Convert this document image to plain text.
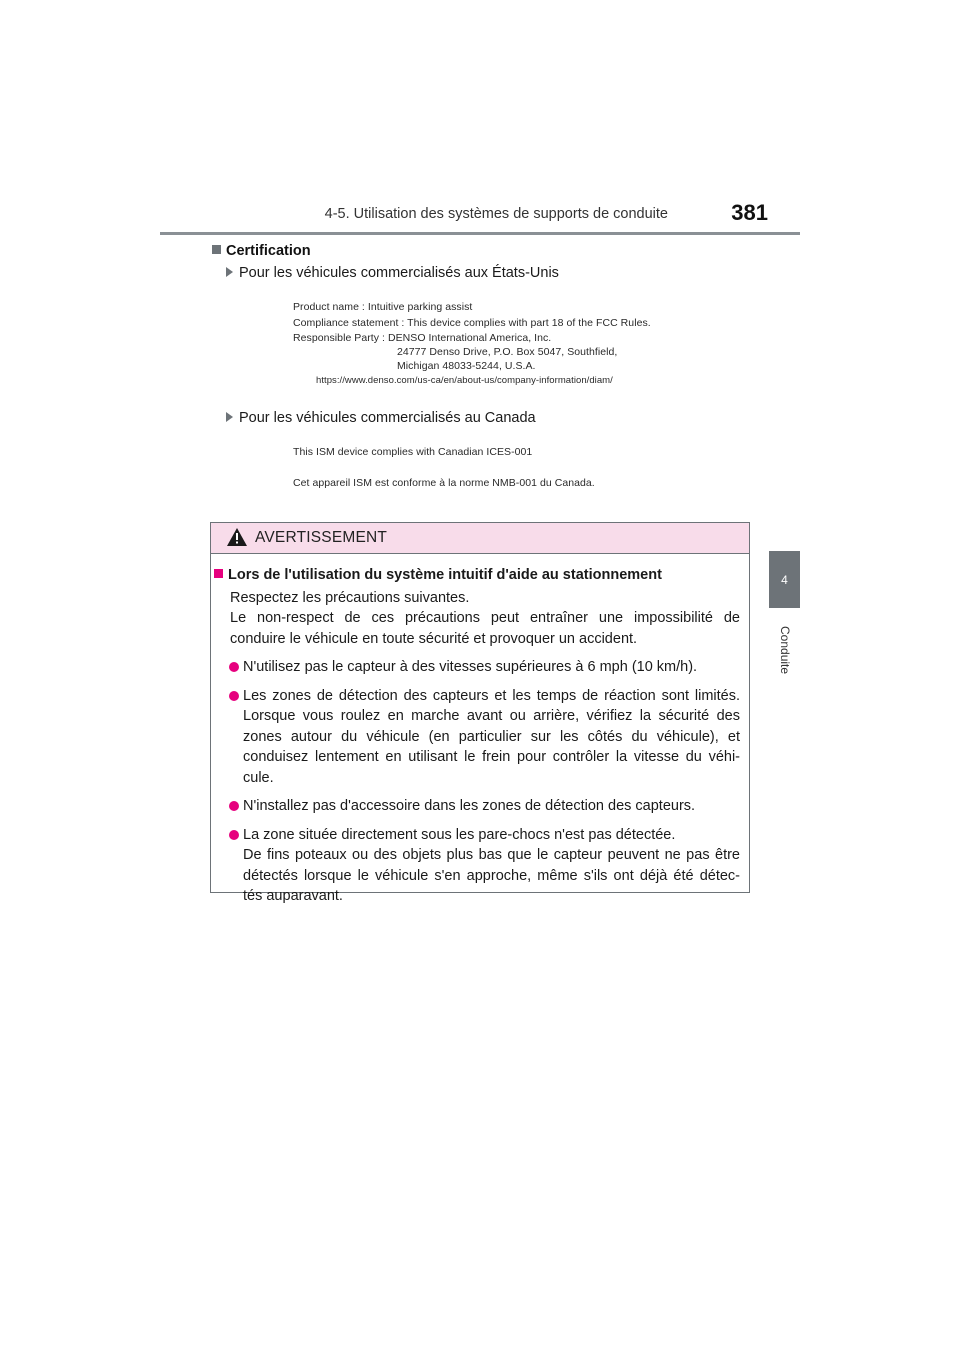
4-5. Utilisation des systèmes de supports de conduite	381
4
Conduite
Certification
Pour les véhicules commercialisés aux États-Unis
Product name : Intuitive parking assist
Compliance statement : This device complies with part 18 of the FCC Rules.
Responsible Party : DENSO International America, Inc.
24777 Denso Drive, P.O. Box 5047, Southfield,
Michigan 48033-5244, U.S.A.
https://www.denso.com/us-ca/en/about-us/company-information/diam/
Pour les véhicules commercialisés au Canada
This ISM device complies with Canadian ICES-001
Cet appareil ISM est conforme à la norme NMB-001 du Canada.
AVERTISSEMENT
Lors de l'utilisation du système intuitif d'aide au stationnement
Respectez les précautions suivantes.
Le non-respect de ces précautions peut entraîner une impossibilité de
conduire le véhicule en toute sécurité et provoquer un accident.
N'utilisez pas le capteur à des vitesses supérieures à 6 mph (10 km/h).
Les zones de détection des capteurs et les temps de réaction sont limités.
Lorsque vous roulez en marche avant ou arrière, vérifiez la sécurité des
zones autour du véhicule (en particulier sur les côtés du véhicule), et
conduisez lentement en utilisant le frein pour contrôler la vitesse du véhi-
cule.
N'installez pas d'accessoire dans les zones de détection des capteurs.
La zone située directement sous les pare-chocs n'est pas détectée.
De fins poteaux ou des objets plus bas que le capteur peuvent ne pas être
détectés lorsque le véhicule s'en approche, même s'ils ont déjà été détec-
tés auparavant.
